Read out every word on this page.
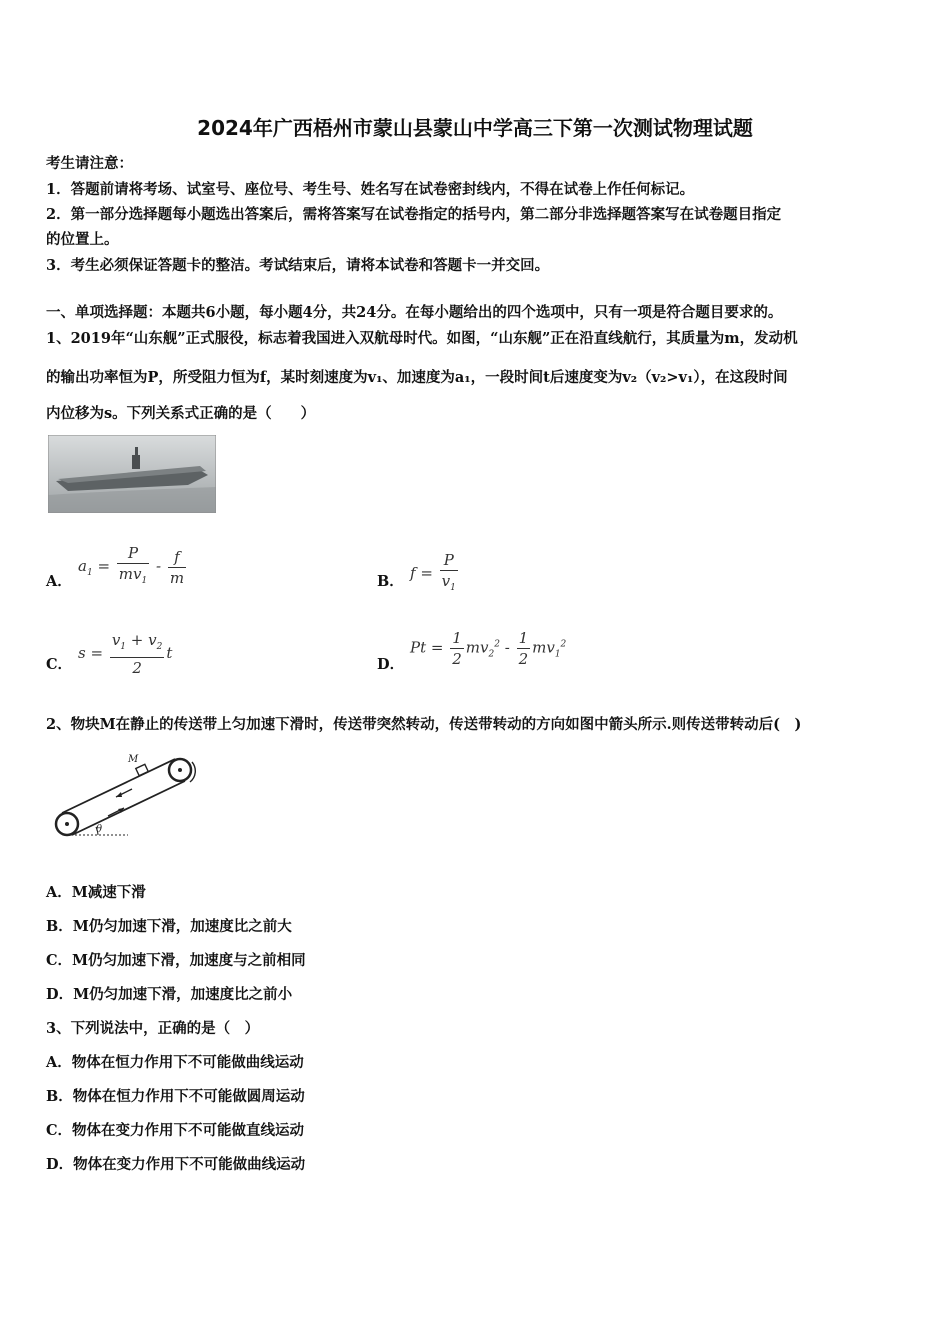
2024年广西梧州市蒙山县蒙山中学高三下第一次测试物理试题
考生请注意：
1．答题前请将考场、试室号、座位号、考生号、姓名写在试卷密封线内，不得在试卷上作任何标记。
2．第一部分选择题每小题选出答案后，需将答案写在试卷指定的括号内，第二部分非选择题答案写在试卷题目指定
的位置上。
3．考生必须保证答题卡的整洁。考试结束后，请将本试卷和答题卡一并交回。
一、单项选择题：本题共6小题，每小题4分，共24分。在每小题给出的四个选项中，只有一项是符合题目要求的。
1、2019年“山东舰”正式服役，标志着我国进入双航母时代。如图，“山东舰”正在沿直线航行，其质量为m，发动机
的输出功率恒为P，所受阻力恒为f，某时刻速度为v₁、加速度为a₁，一段时间t后速度变为v₂（v₂>v₁），在这段时间
内位移为s。下列关系式正确的是（　　）
A．
$a_1 = \frac{P}{mv_1} - \frac{f}{m}$	B． $f = \frac{P}{v_1}$
C．
$s = \frac{v_1 + v_2}{2}$ t
D．
$Pt = \frac{1}{2} mv_2^2 - \frac{1}{2} mv_1^2$
2、物块M在静止的传送带上匀加速下滑时，传送带突然转动，传送带转动的方向如图中箭头所示.则传送带转动后(　)
M
θ
A．M减速下滑
B．M仍匀加速下滑，加速度比之前大
C．M仍匀加速下滑，加速度与之前相同
D．M仍匀加速下滑，加速度比之前小
3、下列说法中，正确的是（　）
A．物体在恒力作用下不可能做曲线运动
B．物体在恒力作用下不可能做圆周运动
C．物体在变力作用下不可能做直线运动
D．物体在变力作用下不可能做曲线运动
